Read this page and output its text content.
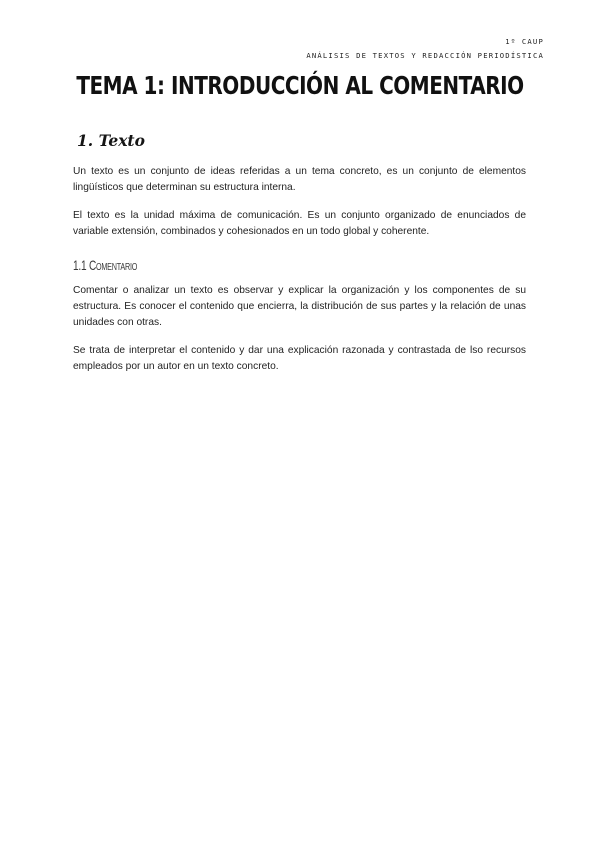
1º CAUP
ANÁLISIS DE TEXTOS Y REDACCIÓN PERIODÍSTICA
TEMA 1: INTRODUCCIÓN AL COMENTARIO
1. Texto

Un texto es un conjunto de ideas referidas a un tema concreto, es un conjunto de elementos lingüísticos que determinan su estructura interna.

El texto es la unidad máxima de comunicación. Es un conjunto organizado de enunciados de variable extensión, combinados y cohesionados en un todo global y coherente.

1.1 Comentario

Comentar o analizar un texto es observar y explicar la organización y los componentes de su estructura. Es conocer el contenido que encierra, la distribución de sus partes y la relación de unas unidades con otras.

Se trata de interpretar el contenido y dar una explicación razonada y contrastada de lso recursos empleados por un autor en un texto concreto.
